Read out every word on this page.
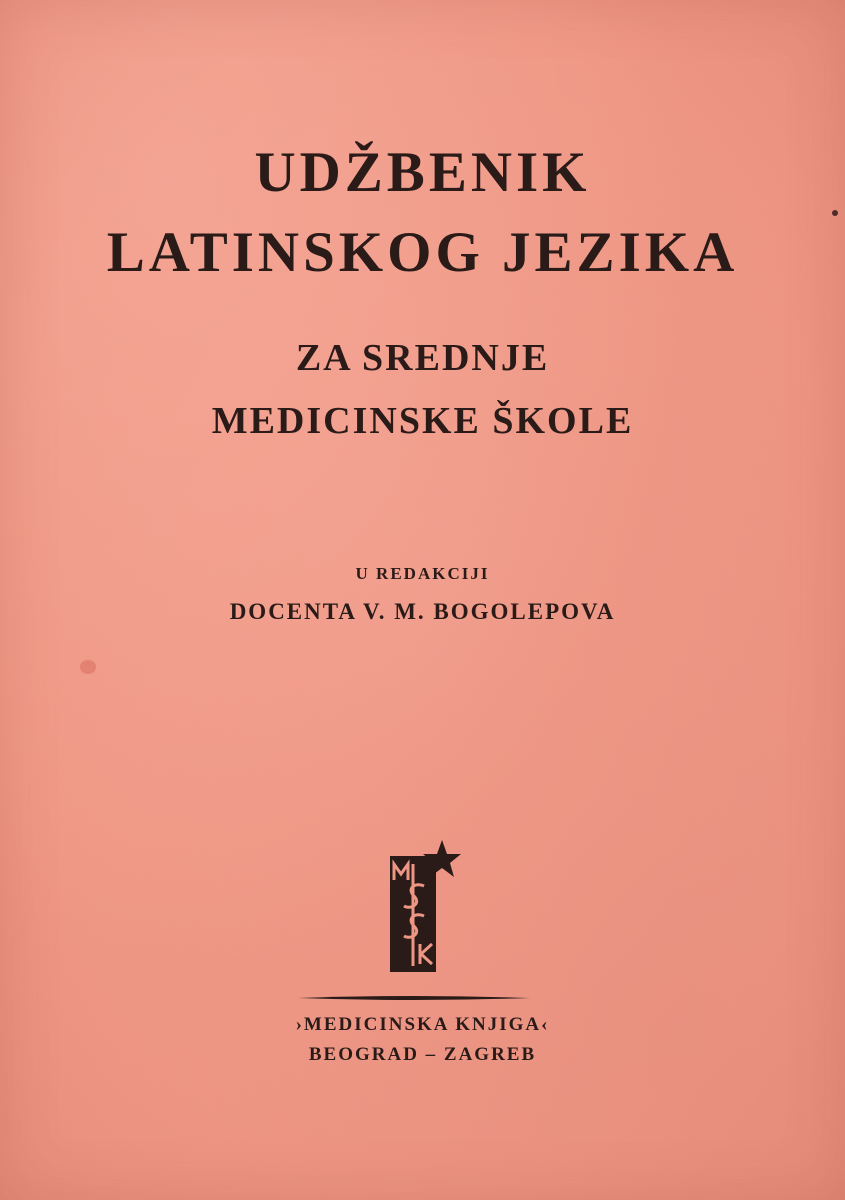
UDŽBENIK
LATINSKOG JEZIKA
ZA SREDNJE
MEDICINSKE ŠKOLE
U REDAKCIJI
DOCENTA V. M. BOGOLEPOVA
›MEDICINSKA KNJIGA‹
BEOGRAD – ZAGREB
